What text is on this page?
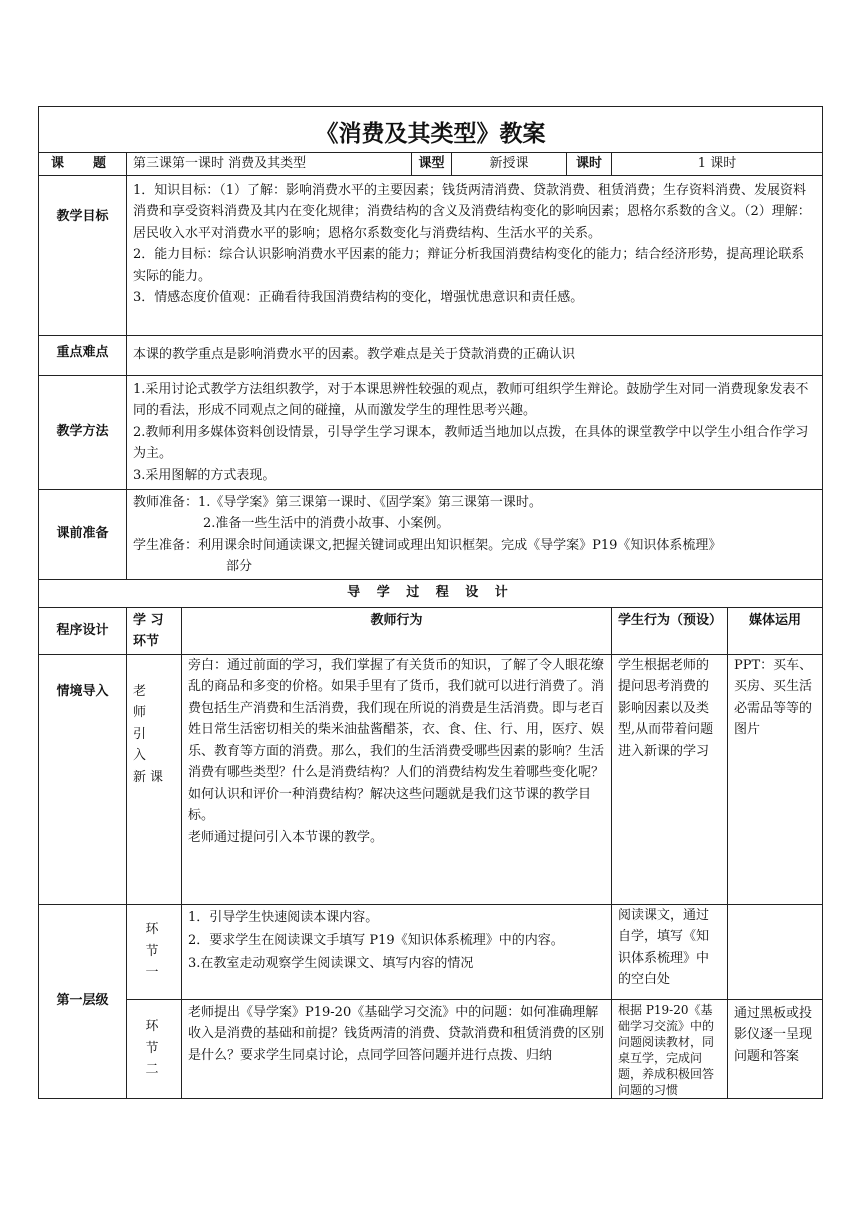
《消费及其类型》教案							
课　题	第三课第一课时 消费及其类型		课型	新授课	课时	1 课时	
教学目标	1．知识目标：（1）了解：影响消费水平的主要因素；钱货两清消费、贷款消费、租赁消费；生存资料消费、发展资料消费和享受资料消费及其内在变化规律；消费结构的含义及消费结构变化的影响因素；恩格尔系数的含义。（2）理解：居民收入水平对消费水平的影响；恩格尔系数变化与消费结构、生活水平的关系。
2．能力目标：综合认识影响消费水平因素的能力；辩证分析我国消费结构变化的能力；结合经济形势，提高理论联系实际的能力。
3．情感态度价值观：正确看待我国消费结构的变化，增强忧患意识和责任感。						

重点难点	本课的教学重点是影响消费水平的因素。教学难点是关于贷款消费的正确认识						
教学方法	1.采用讨论式教学方法组织教学，对于本课思辨性较强的观点，教师可组织学生辩论。鼓励学生对同一消费现象发表不同的看法，形成不同观点之间的碰撞，从而激发学生的理性思考兴趣。
2.教师利用多媒体资料创设情景，引导学生学习课本，教师适当地加以点拨，在具体的课堂教学中以学生小组合作学习为主。
3.采用图解的方式表现。						

课前准备	教师准备：1.《导学案》第三课第一课时、《固学案》第三课第一课时。
2.准备一些生活中的消费小故事、小案例。
学生准备：利用课余时间通读课文,把握关键词或理出知识框架。完成《导学案》P19《知识体系梳理》
部分						

导 学 过 程 设 计							
程序设计	学 习 环节	教师行为				学生行为（预设）	媒体运用
情境导入	老 师 引 入 新课	旁白：通过前面的学习，我们掌握了有关货币的知识，了解了令人眼花缭乱的商品和多变的价格。如果手里有了货币，我们就可以进行消费了。消费包括生产消费和生活消费，我们现在所说的消费是生活消费。即与老百姓日常生活密切相关的柴米油盐酱醋茶，衣、食、住、行、用，医疗、娱乐、教育等方面的消费。那么，我们的生活消费受哪些因素的影响？生活消费有哪些类型？什么是消费结构？人们的消费结构发生着哪些变化呢？如何认识和评价一种消费结构？解决这些问题就是我们这节课的教学目标。
老师通过提问引入本节课的教学。				学生根据老师的提问思考消费的影响因素以及类型,从而带着问题进入新课的学习	PPT：买车、买房、买生活必需品等等的图片
第一层级	环 节 一	1．引导学生快速阅读本课内容。
2．要求学生在阅读课文手填写 P19《知识体系梳理》中的内容。
3.在教室走动观察学生阅读课文、填写内容的情况				阅读课文，通过自学，填写《知识体系梳理》中的空白处	
	环 节 二	老师提出《导学案》P19-20《基础学习交流》中的问题：如何准确理解收入是消费的基础和前提？钱货两清的消费、贷款消费和租赁消费的区别是什么？要求学生同桌讨论，点同学回答问题并进行点拨、归纳				根据 P19-20《基础学习交流》中的问题阅读教材，同桌互学，完成问题，养成积极回答问题的习惯	通过黑板或投影仪逐一呈现问题和答案
